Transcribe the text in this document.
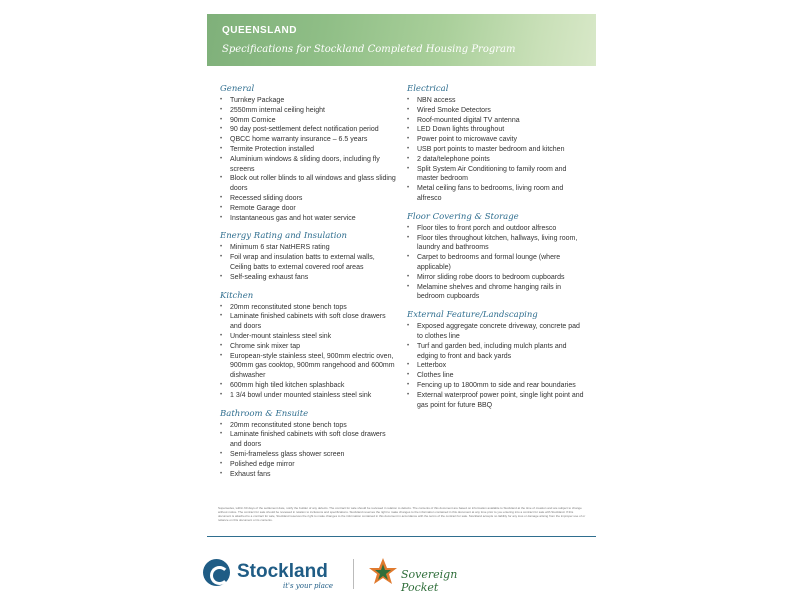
QUEENSLAND
Specifications for Stockland Completed Housing Program
General
• Turnkey Package
• 2550mm internal ceiling height
• 90mm Cornice
• 90 day post-settlement defect notification period
• QBCC home warranty insurance – 6.5 years
• Termite Protection installed
• Aluminium windows & sliding doors, including fly screens
• Block out roller blinds to all windows and glass sliding doors
• Recessed sliding doors
• Remote Garage door
• Instantaneous gas and hot water service
Energy Rating and Insulation
• Minimum 6 star NatHERS rating
• Foil wrap and insulation batts to external walls, Ceiling batts to external covered roof areas
• Self-sealing exhaust fans
Kitchen
• 20mm reconstituted stone bench tops
• Laminate finished cabinets with soft close drawers and doors
• Under-mount stainless steel sink
• Chrome sink mixer tap
• European-style stainless steel, 900mm electric oven, 900mm gas cooktop, 900mm rangehood and 600mm dishwasher
• 600mm high tiled kitchen splashback
• 1 3/4 bowl under mounted stainless steel sink
Bathroom & Ensuite
• 20mm reconstituted stone bench tops
• Laminate finished cabinets with soft close drawers and doors
• Semi-frameless glass shower screen
• Polished edge mirror
• Exhaust fans
Electrical
• NBN access
• Wired Smoke Detectors
• Roof-mounted digital TV antenna
• LED Down lights throughout
• Power point to microwave cavity
• USB port points to master bedroom and kitchen
• 2 data/telephone points
• Split System Air Conditioning to family room and master bedroom
• Metal ceiling fans to bedrooms, living room and alfresco
Floor Covering & Storage
• Floor tiles to front porch and outdoor alfresco
• Floor tiles throughout kitchen, hallways, living room, laundry and bathrooms
• Carpet to bedrooms and formal lounge (where applicable)
• Mirror sliding robe doors to bedroom cupboards
• Melamine shelves and chrome hanging rails in bedroom cupboards
External Feature/Landscaping
• Exposed aggregate concrete driveway, concrete pad to clothes line
• Turf and garden bed, including mulch plants and edging to front and back yards
• Letterbox
• Clothes line
• Fencing up to 1800mm to side and rear boundaries
• External waterproof power point, single light point and gas point for future BBQ
Supersedes, within 60 days of the settlement date, notify the builder of any defects. The contract for sale should be reviewed in relation to defects. The contents of this document are based on information available to Stockland at the time of creation and are subject to change without notice. The contract for sale should be reviewed in relation to inclusions and specifications. Stockland reserves the right to make changes to the information contained in this document at any time prior to you entering into a contract for sale with Stockland. If this document is attached to a contract for sale, Stockland reserves the right to make changes to the information contained in this document in accordance with the terms of the contract for sale. Stockland accepts no liability for any loss or damage arising from the improper use of or reliance on this document or its contents.
Stockland
it's your place
Sovereign Pocket
